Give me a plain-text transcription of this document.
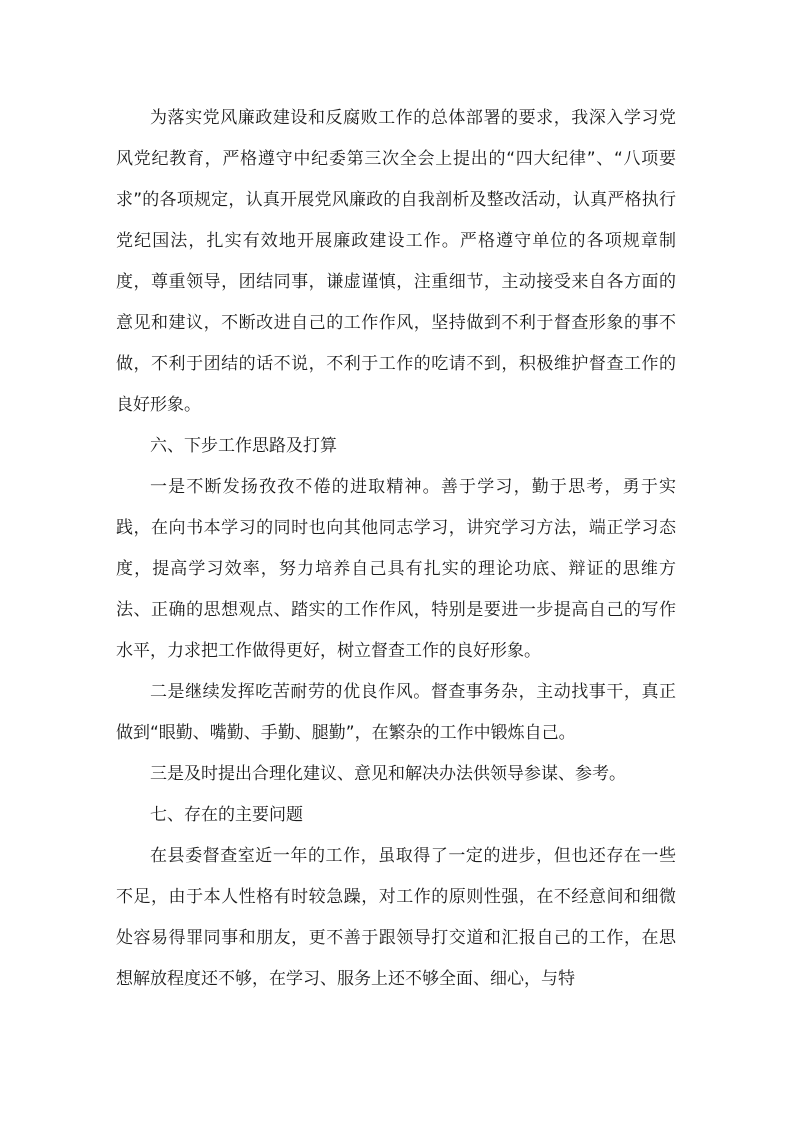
为落实党风廉政建设和反腐败工作的总体部署的要求，我深入学习党风党纪教育，严格遵守中纪委第三次全会上提出的“四大纪律”、“八项要求”的各项规定，认真开展党风廉政的自我剖析及整改活动，认真严格执行党纪国法，扎实有效地开展廉政建设工作。严格遵守单位的各项规章制度，尊重领导，团结同事，谦虚谨慎，注重细节，主动接受来自各方面的意见和建议，不断改进自己的工作作风，坚持做到不利于督查形象的事不做，不利于团结的话不说，不利于工作的吃请不到，积极维护督查工作的良好形象。

六、下步工作思路及打算

一是不断发扬孜孜不倦的进取精神。善于学习，勤于思考，勇于实践，在向书本学习的同时也向其他同志学习，讲究学习方法，端正学习态度，提高学习效率，努力培养自己具有扎实的理论功底、辩证的思维方法、正确的思想观点、踏实的工作作风，特别是要进一步提高自己的写作水平，力求把工作做得更好，树立督查工作的良好形象。

二是继续发挥吃苦耐劳的优良作风。督查事务杂，主动找事干，真正做到“眼勤、嘴勤、手勤、腿勤”，在繁杂的工作中锻炼自己。

三是及时提出合理化建议、意见和解决办法供领导参谋、参考。

七、存在的主要问题

在县委督查室近一年的工作，虽取得了一定的进步，但也还存在一些不足，由于本人性格有时较急躁，对工作的原则性强，在不经意间和细微处容易得罪同事和朋友，更不善于跟领导打交道和汇报自己的工作，在思想解放程度还不够，在学习、服务上还不够全面、细心，与特
